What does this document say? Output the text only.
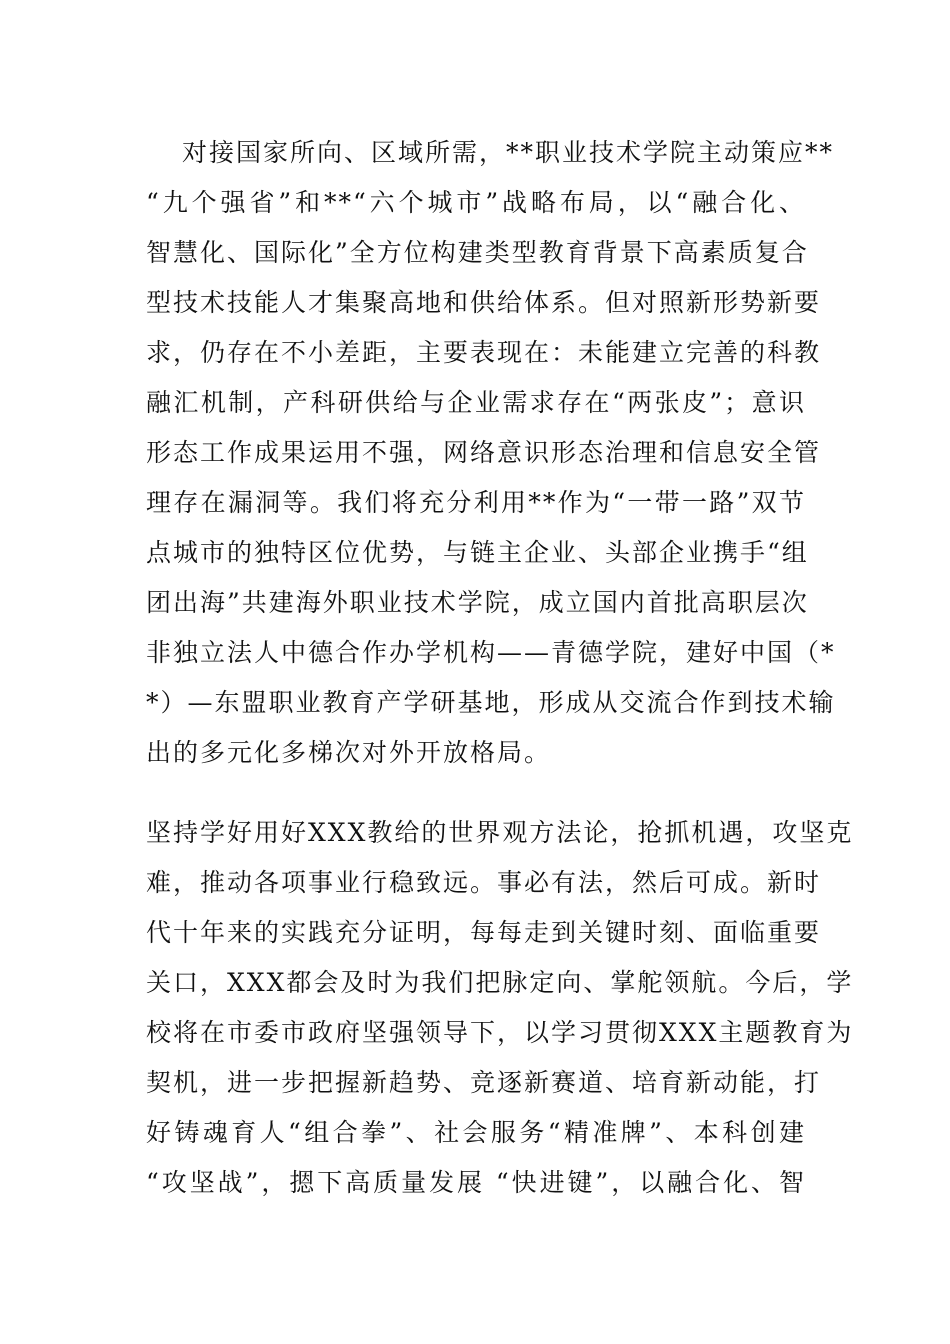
对接国家所向、区域所需，**职业技术学院主动策应**
“九个强省”和**“六个城市”战略布局，以“融合化、
智慧化、国际化”全方位构建类型教育背景下高素质复合
型技术技能人才集聚高地和供给体系。但对照新形势新要
求，仍存在不小差距，主要表现在：未能建立完善的科教
融汇机制，产科研供给与企业需求存在“两张皮”；意识
形态工作成果运用不强，网络意识形态治理和信息安全管
理存在漏洞等。我们将充分利用**作为“一带一路”双节
点城市的独特区位优势，与链主企业、头部企业携手“组
团出海”共建海外职业技术学院，成立国内首批高职层次
非独立法人中德合作办学机构——青德学院，建好中国（*
*）—东盟职业教育产学研基地，形成从交流合作到技术输
出的多元化多梯次对外开放格局。
坚持学好用好XXX教给的世界观方法论，抢抓机遇，攻坚克
难，推动各项事业行稳致远。事必有法，然后可成。新时
代十年来的实践充分证明，每每走到关键时刻、面临重要
关口，XXX都会及时为我们把脉定向、掌舵领航。今后，学
校将在市委市政府坚强领导下，以学习贯彻XXX主题教育为
契机，进一步把握新趋势、竞逐新赛道、培育新动能，打
好铸魂育人“组合拳”、社会服务“精准牌”、本科创建
“攻坚战”，摁下高质量发展 “快进键”，以融合化、智
